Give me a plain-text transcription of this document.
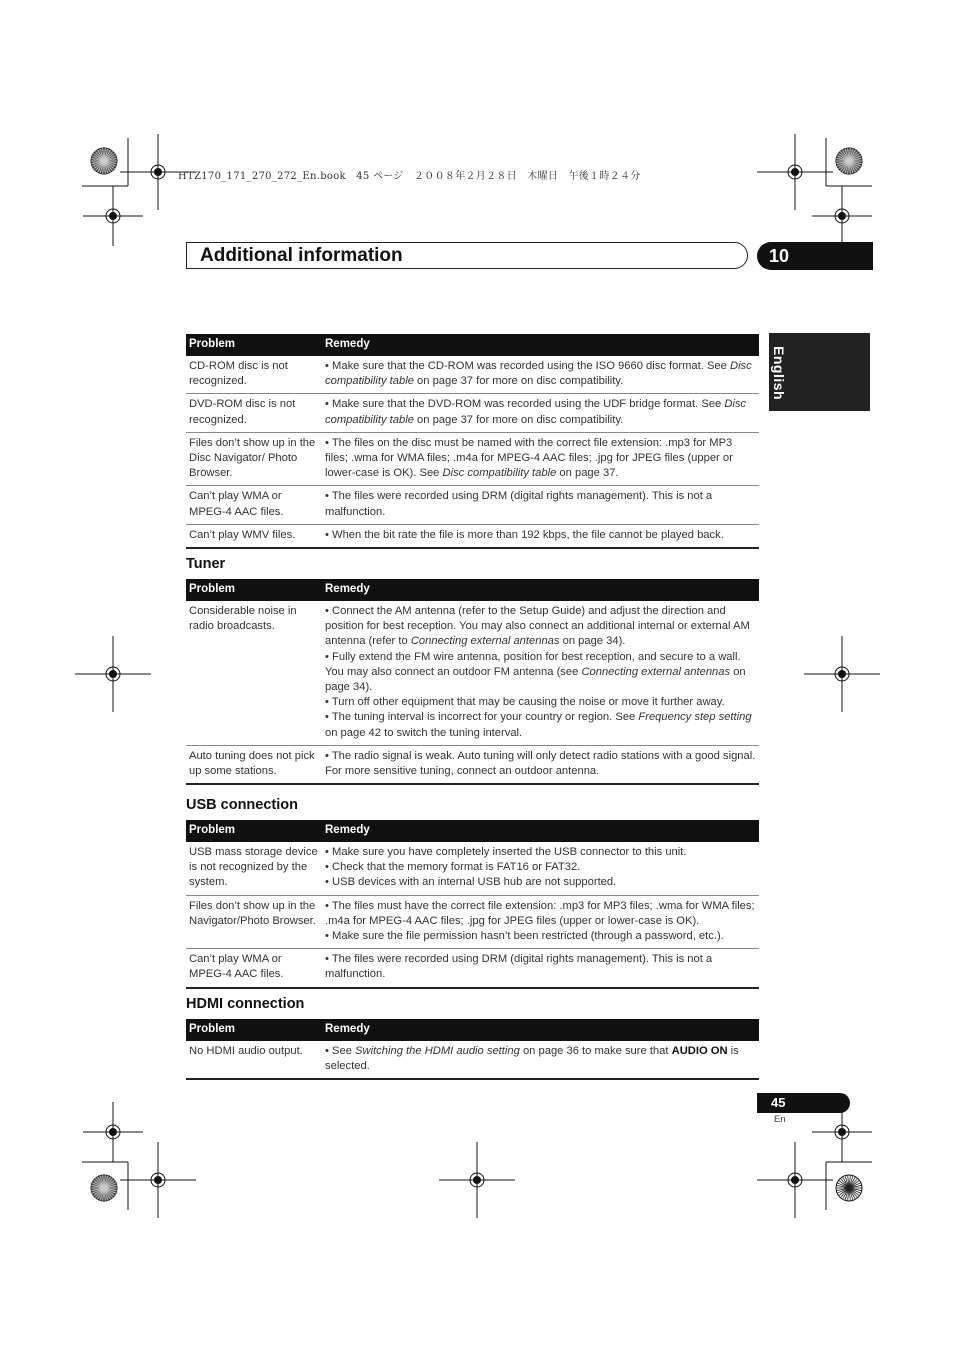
HTZ170_171_270_272_En.book　45 ページ　２００８年２月２８日　木曜日　午後１時２４分
Additional information	10
English
Problem	Remedy
CD-ROM disc is not recognized.	• Make sure that the CD-ROM was recorded using the ISO 9660 disc format. See Disc compatibility table on page 37 for more on disc compatibility.

DVD-ROM disc is not recognized.	• Make sure that the DVD-ROM was recorded using the UDF bridge format. See Disc compatibility table on page 37 for more on disc compatibility.

Files don’t show up in the Disc Navigator/ Photo Browser.	• The files on the disc must be named with the correct file extension: .mp3 for MP3 files; .wma for WMA files; .m4a for MPEG-4 AAC files; .jpg for JPEG files (upper or lower-case is OK). See Disc compatibility table on page 37.

Can’t play WMA or MPEG-4 AAC files.	• The files were recorded using DRM (digital rights management). This is not a malfunction.

Can’t play WMV files.	• When the bit rate the file is more than 192 kbps, the file cannot be played back.
Tuner
Problem	Remedy
Considerable noise in radio broadcasts.	• Connect the AM antenna (refer to the Setup Guide) and adjust the direction and position for best reception. You may also connect an additional internal or external AM antenna (refer to Connecting external antennas on page 34).
• Fully extend the FM wire antenna, position for best reception, and secure to a wall. You may also connect an outdoor FM antenna (see Connecting external antennas on page 34).
• Turn off other equipment that may be causing the noise or move it further away.
• The tuning interval is incorrect for your country or region. See Frequency step setting on page 42 to switch the tuning interval.

Auto tuning does not pick up some stations.	• The radio signal is weak. Auto tuning will only detect radio stations with a good signal. For more sensitive tuning, connect an outdoor antenna.
USB connection
Problem	Remedy
USB mass storage device is not recognized by the system.	• Make sure you have completely inserted the USB connector to this unit.
• Check that the memory format is FAT16 or FAT32.
• USB devices with an internal USB hub are not supported.

Files don’t show up in the Navigator/Photo Browser.	• The files must have the correct file extension: .mp3 for MP3 files; .wma for WMA files; .m4a for MPEG-4 AAC files; .jpg for JPEG files (upper or lower-case is OK).
• Make sure the file permission hasn’t been restricted (through a password, etc.).

Can’t play WMA or MPEG-4 AAC files.	• The files were recorded using DRM (digital rights management). This is not a malfunction.
HDMI connection
Problem	Remedy
No HDMI audio output.	• See Switching the HDMI audio setting on page 36 to make sure that AUDIO ON is selected.
45
En
